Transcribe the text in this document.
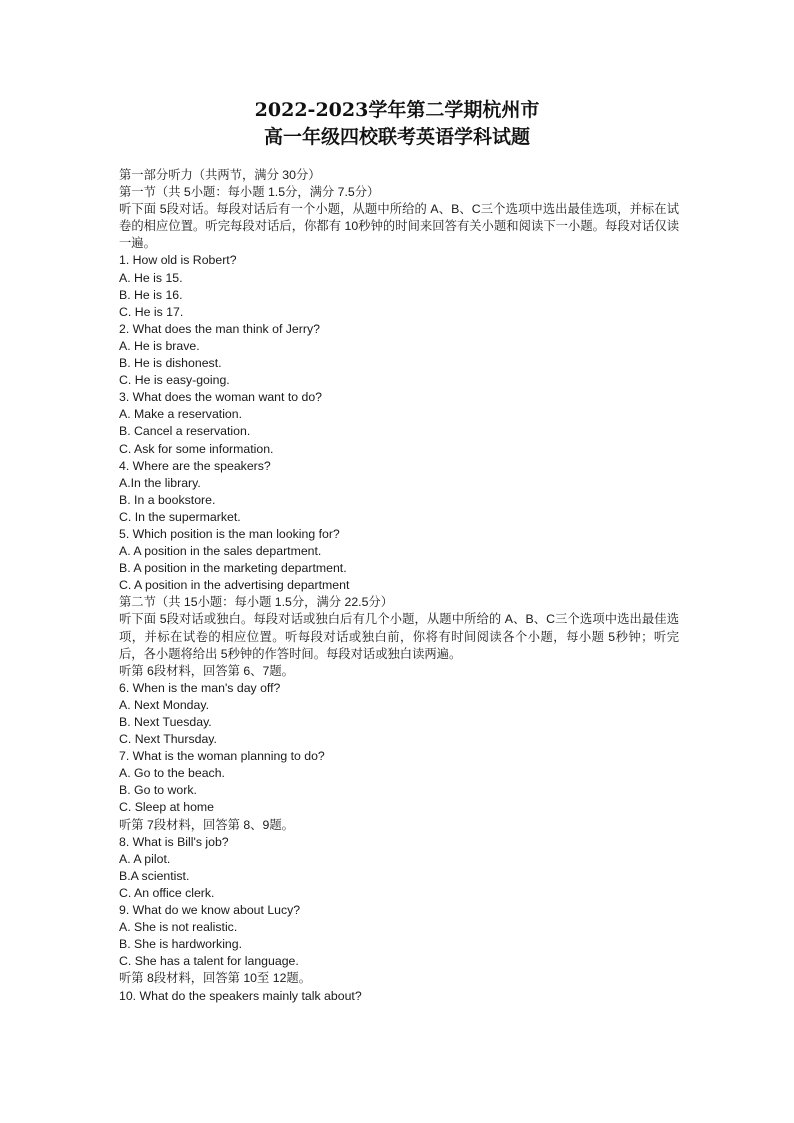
2022-2023学年第二学期杭州市
高一年级四校联考英语学科试题
第一部分听力（共两节，满分 30分）
第一节（共 5小题：每小题 1.5分，满分 7.5分）
听下面 5段对话。每段对话后有一个小题，从题中所给的 A、B、C三个选项中选出最佳选项，并标在试卷的相应位置。听完每段对话后，你都有 10秒钟的时间来回答有关小题和阅读下一小题。每段对话仅读一遍。
1. How old is Robert?
A. He is 15.
B. He is 16.
C. He is 17.
2. What does the man think of Jerry?
A. He is brave.
B. He is dishonest.
C. He is easy-going.
3. What does the woman want to do?
A. Make a reservation.
B. Cancel a reservation.
C. Ask for some information.
4. Where are the speakers?
A.In the library.
B. In a bookstore.
C. In the supermarket.
5. Which position is the man looking for?
A. A position in the sales department.
B. A position in the marketing department.
C. A position in the advertising department
第二节（共 15小题：每小题 1.5分，满分 22.5分）
听下面 5段对话或独白。每段对话或独白后有几个小题，从题中所给的 A、B、C三个选项中选出最佳选项，并标在试卷的相应位置。听每段对话或独白前，你将有时间阅读各个小题，每小题 5秒钟；听完后，各小题将给出 5秒钟的作答时间。每段对话或独白读两遍。
听第 6段材料，回答第 6、7题。
6. When is the man's day off?
A. Next Monday.
B. Next Tuesday.
C. Next Thursday.
7. What is the woman planning to do?
A. Go to the beach.
B. Go to work.
C. Sleep at home
听第 7段材料，回答第 8、9题。
8. What is Bill's job?
A. A pilot.
B.A scientist.
C. An office clerk.
9. What do we know about Lucy?
A. She is not realistic.
B. She is hardworking.
C. She has a talent for language.
听第 8段材料，回答第 10至 12题。
10. What do the speakers mainly talk about?
